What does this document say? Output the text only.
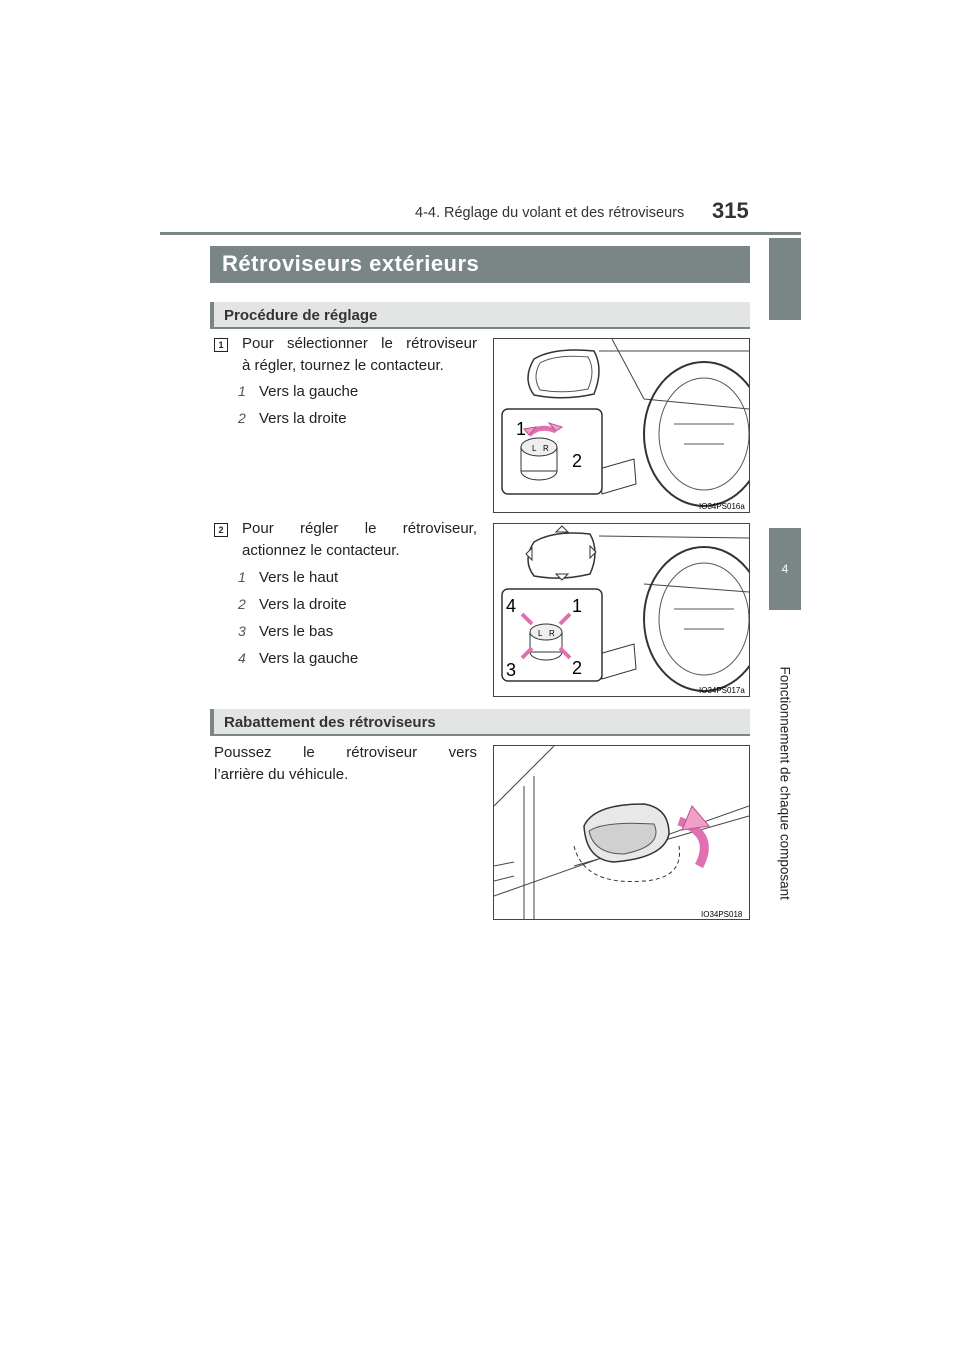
4-4. Réglage du volant et des rétroviseurs 315
4
Fonctionnement de chaque composant
Rétroviseurs extérieurs
Procédure de réglage
1	Pour sélectionner le rétroviseur
à régler, tournez le contacteur.
1 Vers la gauche
2 Vers la droite
L R
1
2
IO34PS016a
2	Pour régler le rétroviseur,
actionnez le contacteur.
1 Vers le haut
2 Vers la droite
3 Vers le bas
4 Vers la gauche
L R
4	1
3	2
IO34PS017a
Rabattement des rétroviseurs
Poussez le rétroviseur vers
l’arrière du véhicule.
IO34PS018
